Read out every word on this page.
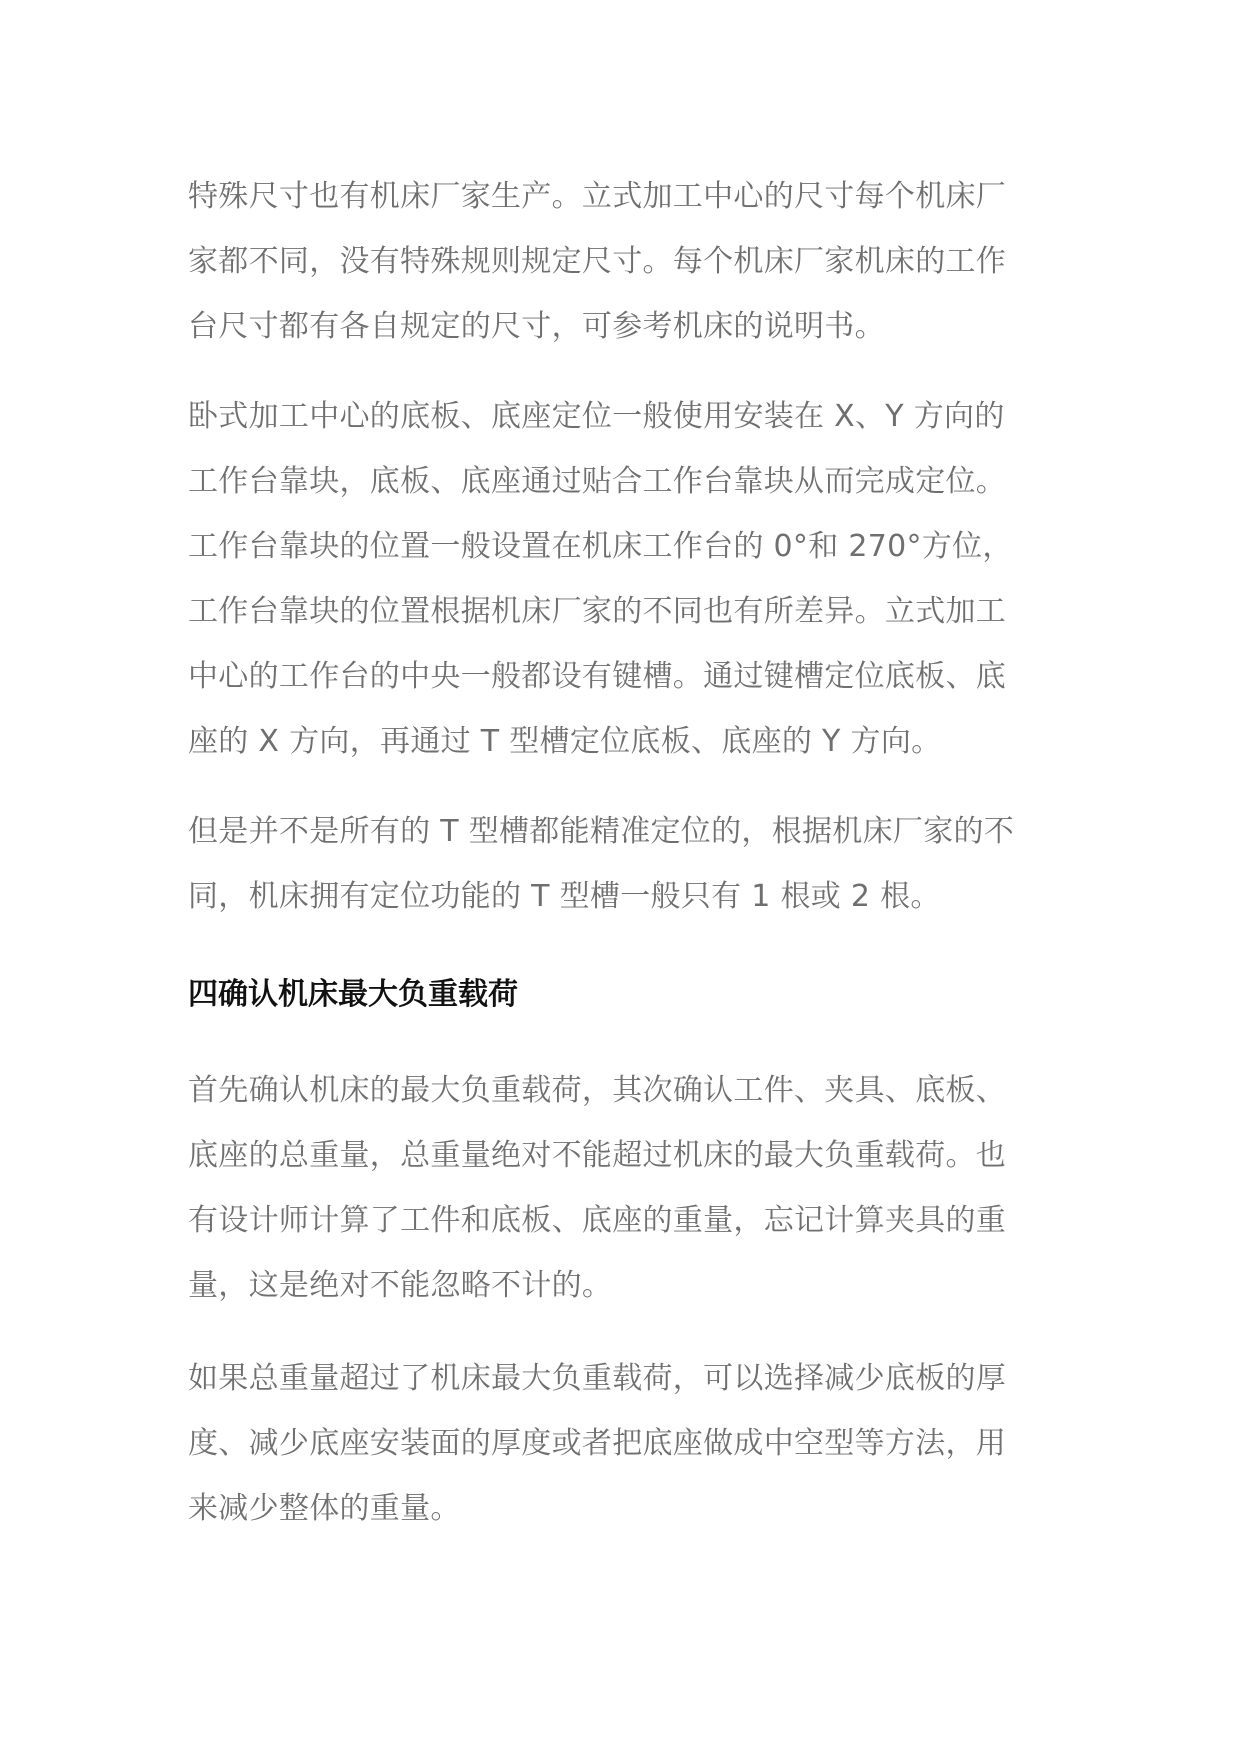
特殊尺寸也有机床厂家生产。立式加工中心的尺寸每个机床厂
家都不同，没有特殊规则规定尺寸。每个机床厂家机床的工作
台尺寸都有各自规定的尺寸，可参考机床的说明书。

卧式加工中心的底板、底座定位一般使用安装在 X、Y 方向的
工作台靠块，底板、底座通过贴合工作台靠块从而完成定位。
工作台靠块的位置一般设置在机床工作台的 0°和 270°方位，
工作台靠块的位置根据机床厂家的不同也有所差异。立式加工
中心的工作台的中央一般都设有键槽。通过键槽定位底板、底
座的 X 方向，再通过 T 型槽定位底板、底座的 Y 方向。

但是并不是所有的 T 型槽都能精准定位的，根据机床厂家的不
同，机床拥有定位功能的 T 型槽一般只有 1 根或 2 根。

四确认机床最大负重载荷

首先确认机床的最大负重载荷，其次确认工件、夹具、底板、
底座的总重量，总重量绝对不能超过机床的最大负重载荷。也
有设计师计算了工件和底板、底座的重量，忘记计算夹具的重
量，这是绝对不能忽略不计的。

如果总重量超过了机床最大负重载荷，可以选择减少底板的厚
度、减少底座安装面的厚度或者把底座做成中空型等方法，用
来减少整体的重量。
